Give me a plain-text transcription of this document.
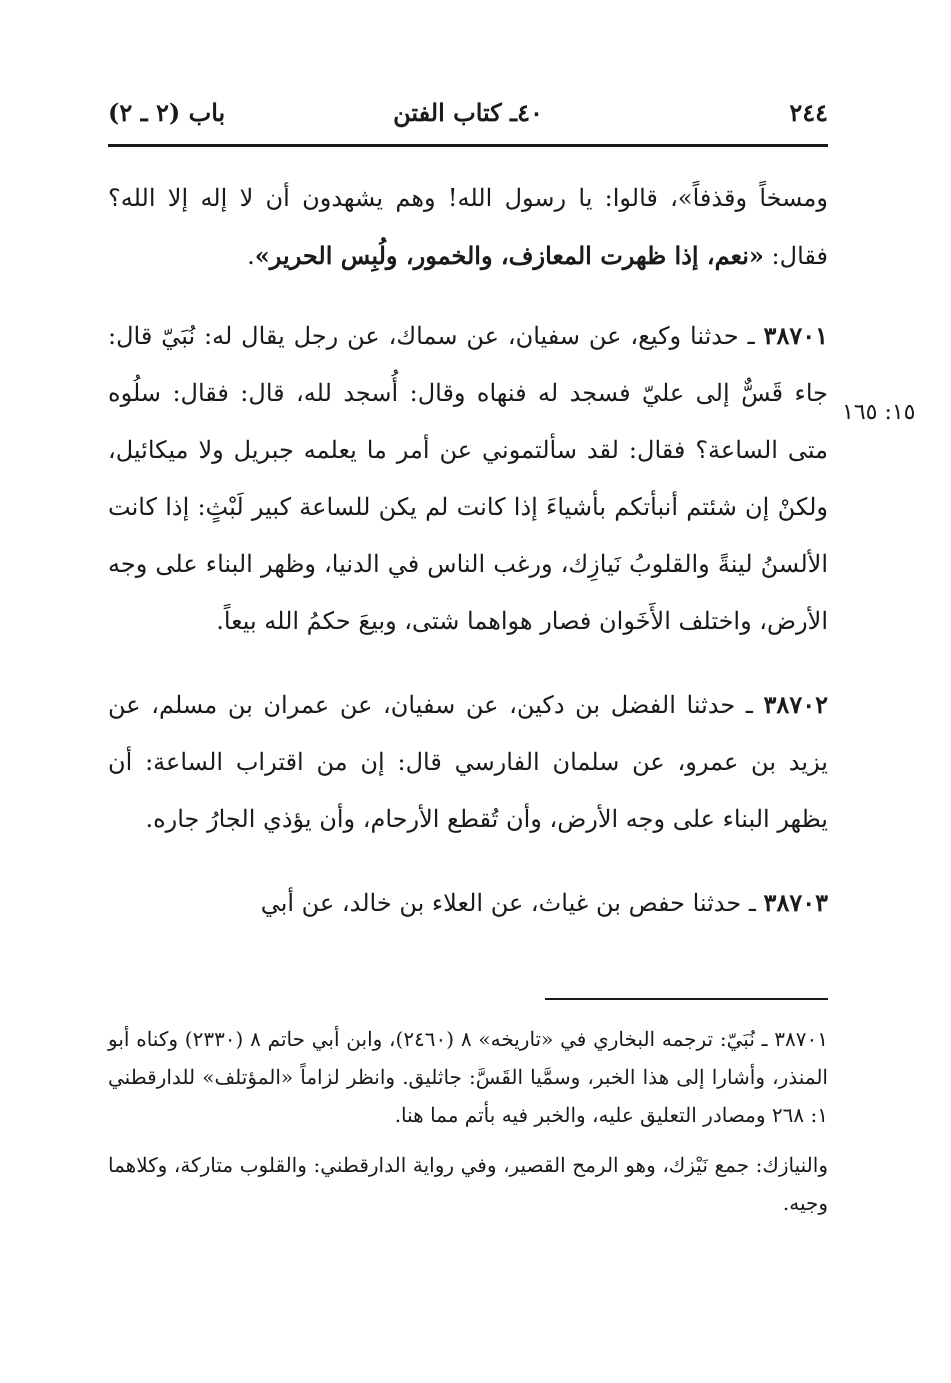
٢٤٤
٤٠ـ كتاب الفتن
باب (٢ ـ ٢)
١٥: ١٦٥

ومسخاً وقذفاً»، قالوا: يا رسول الله! وهم يشهدون أن لا إله إلا الله؟ فقال: «نعم، إذا ظهرت المعازف، والخمور، ولُبِس الحرير».

٣٨٧٠١ ـ حدثنا وكيع، عن سفيان، عن سماك، عن رجل يقال له: نُبَيّ قال: جاء قَسٌّ إلى عليّ فسجد له فنهاه وقال: أُسجد لله، قال: فقال: سلُوه متى الساعة؟ فقال: لقد سألتموني عن أمر ما يعلمه جبريل ولا ميكائيل، ولكنْ إن شئتم أنبأتكم بأشياءَ إذا كانت لم يكن للساعة كبير لَبْثٍ: إذا كانت الألسنُ لينةً والقلوبُ نَيازِك، ورغب الناس في الدنيا، وظهر البناء على وجه الأرض، واختلف الأَخَوان فصار هواهما شتى، وبيعَ حكمُ الله بيعاً.

٣٨٧٠٢ ـ حدثنا الفضل بن دكين، عن سفيان، عن عمران بن مسلم، عن يزيد بن عمرو، عن سلمان الفارسي قال: إن من اقتراب الساعة: أن يظهر البناء على وجه الأرض، وأن تُقطع الأرحام، وأن يؤذي الجارُ جاره.

٣٨٧٠٣ ـ حدثنا حفص بن غياث، عن العلاء بن خالد، عن أبي

٣٨٧٠١ ـ نُبَيّ: ترجمه البخاري في «تاريخه» ٨ (٢٤٦٠)، وابن أبي حاتم ٨ (٢٣٣٠) وكناه أبو المنذر، وأشارا إلى هذا الخبر، وسمَّيا القَسَّ: جاثليق. وانظر لزاماً «المؤتلف» للدارقطني ١: ٢٦٨ ومصادر التعليق عليه، والخبر فيه بأتم مما هنا.

والنيازك: جمع نَيْزك، وهو الرمح القصير، وفي رواية الدارقطني: والقلوب متاركة، وكلاهما وجيه.
